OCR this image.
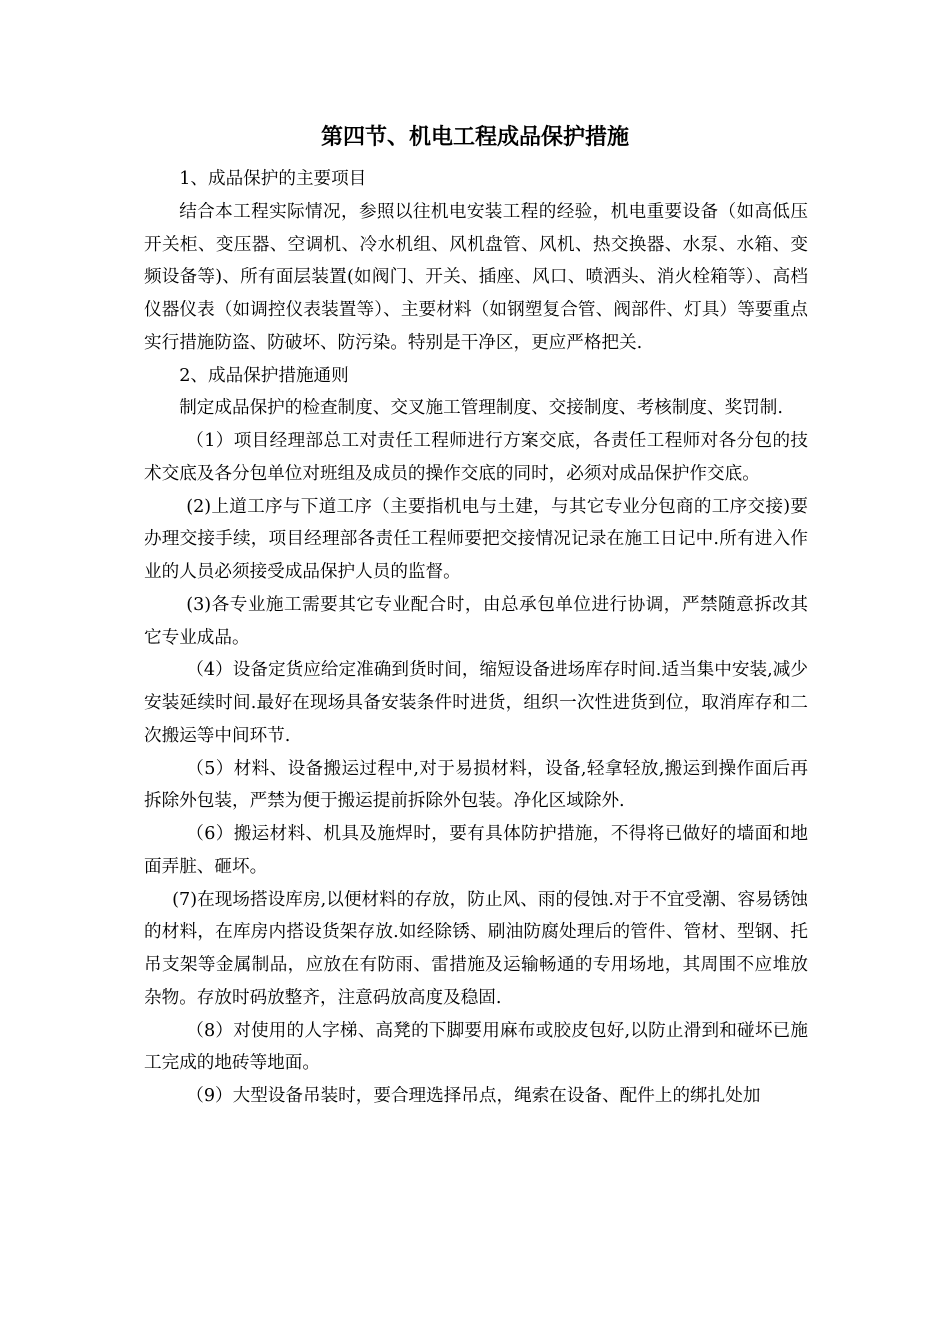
第四节、机电工程成品保护措施

1、成品保护的主要项目

结合本工程实际情况，参照以往机电安装工程的经验，机电重要设备（如高低压开关柜、变压器、空调机、冷水机组、风机盘管、风机、热交换器、水泵、水箱、变频设备等)、所有面层装置(如阀门、开关、插座、风口、喷洒头、消火栓箱等）、高档仪器仪表（如调控仪表装置等）、主要材料（如钢塑复合管、阀部件、灯具）等要重点实行措施防盗、防破坏、防污染。特别是干净区，更应严格把关.

2、成品保护措施通则

制定成品保护的检查制度、交叉施工管理制度、交接制度、考核制度、奖罚制.

（1）项目经理部总工对责任工程师进行方案交底，各责任工程师对各分包的技术交底及各分包单位对班组及成员的操作交底的同时，必须对成品保护作交底。

(2)上道工序与下道工序（主要指机电与土建，与其它专业分包商的工序交接)要办理交接手续，项目经理部各责任工程师要把交接情况记录在施工日记中.所有进入作业的人员必须接受成品保护人员的监督。

(3)各专业施工需要其它专业配合时，由总承包单位进行协调，严禁随意拆改其它专业成品。

（4）设备定货应给定准确到货时间，缩短设备进场库存时间.适当集中安装,减少安装延续时间.最好在现场具备安装条件时进货，组织一次性进货到位，取消库存和二次搬运等中间环节.

（5）材料、设备搬运过程中,对于易损材料，设备,轻拿轻放,搬运到操作面后再拆除外包装，严禁为便于搬运提前拆除外包装。净化区域除外.

（6）搬运材料、机具及施焊时，要有具体防护措施，不得将已做好的墙面和地面弄脏、砸坏。

(7)在现场搭设库房,以便材料的存放，防止风、雨的侵蚀.对于不宜受潮、容易锈蚀的材料，在库房内搭设货架存放.如经除锈、刷油防腐处理后的管件、管材、型钢、托吊支架等金属制品，应放在有防雨、雷措施及运输畅通的专用场地，其周围不应堆放杂物。存放时码放整齐，注意码放高度及稳固.

（8）对使用的人字梯、高凳的下脚要用麻布或胶皮包好,以防止滑到和碰坏已施工完成的地砖等地面。

（9）大型设备吊装时，要合理选择吊点，绳索在设备、配件上的绑扎处加
